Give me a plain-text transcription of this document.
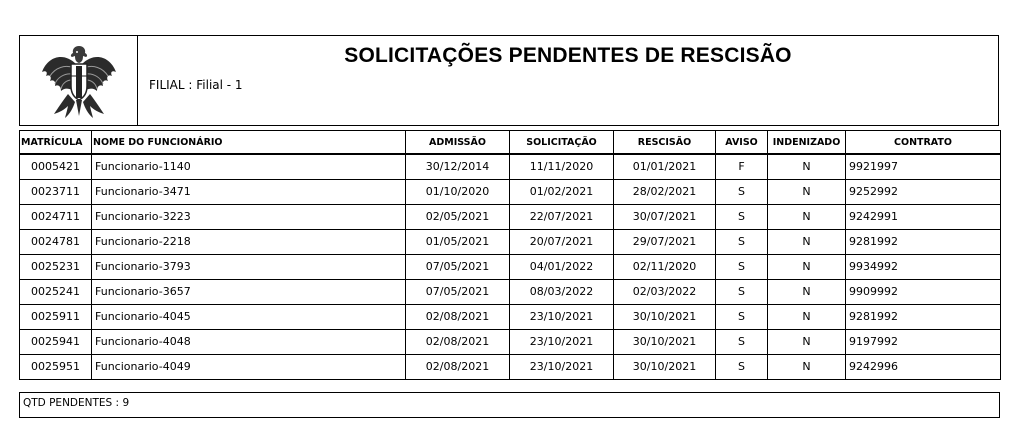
SOLICITAÇÕES PENDENTES DE RESCISÃO
FILIAL : Filial - 1
MATRÍCULA	NOME DO FUNCIONÁRIO	ADMISSÃO	SOLICITAÇÃO	RESCISÃO	AVISO	INDENIZADO	CONTRATO
0005421	Funcionario-1140	30/12/2014	11/11/2020	01/01/2021	F	N	9921997
0023711	Funcionario-3471	01/10/2020	01/02/2021	28/02/2021	S	N	9252992
0024711	Funcionario-3223	02/05/2021	22/07/2021	30/07/2021	S	N	9242991
0024781	Funcionario-2218	01/05/2021	20/07/2021	29/07/2021	S	N	9281992
0025231	Funcionario-3793	07/05/2021	04/01/2022	02/11/2020	S	N	9934992
0025241	Funcionario-3657	07/05/2021	08/03/2022	02/03/2022	S	N	9909992
0025911	Funcionario-4045	02/08/2021	23/10/2021	30/10/2021	S	N	9281992
0025941	Funcionario-4048	02/08/2021	23/10/2021	30/10/2021	S	N	9197992
0025951	Funcionario-4049	02/08/2021	23/10/2021	30/10/2021	S	N	9242996
QTD PENDENTES : 9
